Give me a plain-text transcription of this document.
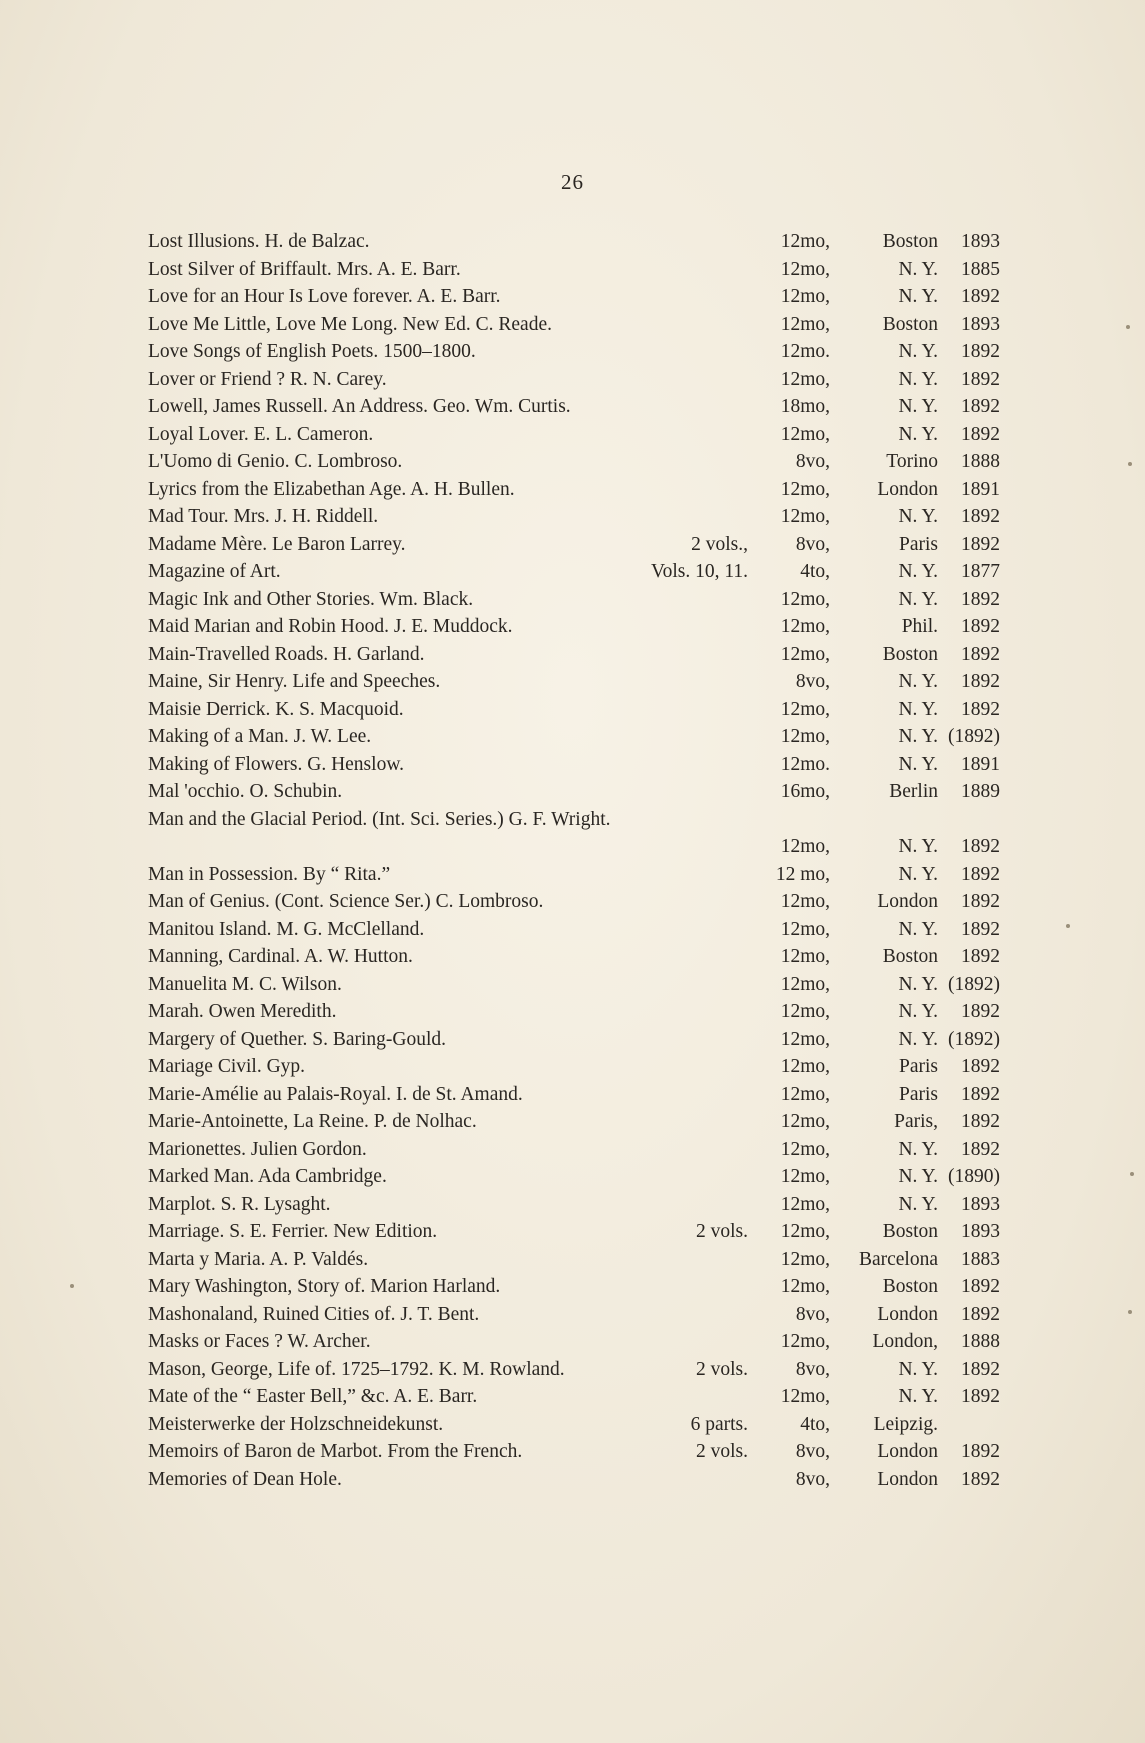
26
Lost Illusions. H. de Balzac.	12mo,	Boston	1893
Lost Silver of Briffault. Mrs. A. E. Barr.	12mo,	N. Y.	1885
Love for an Hour Is Love forever. A. E. Barr.	12mo,	N. Y.	1892
Love Me Little, Love Me Long. New Ed. C. Reade.	12mo,	Boston	1893
Love Songs of English Poets. 1500–1800.	12mo.	N. Y.	1892
Lover or Friend ? R. N. Carey.	12mo,	N. Y.	1892
Lowell, James Russell. An Address. Geo. Wm. Curtis.	18mo,	N. Y.	1892
Loyal Lover. E. L. Cameron.	12mo,	N. Y.	1892
L'Uomo di Genio. C. Lombroso.	8vo,	Torino	1888
Lyrics from the Elizabethan Age. A. H. Bullen.	12mo, London	1891
Mad Tour. Mrs. J. H. Riddell.	12mo,	N. Y.	1892
Madame Mère. Le Baron Larrey.	2 vols., 8vo,	Paris	1892
Magazine of Art.	Vols. 10, 11.	4to,	N. Y.	1877
Magic Ink and Other Stories. Wm. Black.	12mo,	N. Y.	1892
Maid Marian and Robin Hood. J. E. Muddock.	12mo,	Phil.	1892
Main-Travelled Roads. H. Garland.	12mo,	Boston	1892
Maine, Sir Henry. Life and Speeches.	8vo,	N. Y.	1892
Maisie Derrick. K. S. Macquoid.	12mo,	N. Y.	1892
Making of a Man. J. W. Lee.	12mo,	N. Y. (1892)
Making of Flowers. G. Henslow.	12mo.	N. Y.	1891
Mal 'occhio. O. Schubin.	16mo,	Berlin	1889
Man and the Glacial Period. (Int. Sci. Series.) G. F. Wright.
12mo,	N. Y.	1892
Man in Possession. By “ Rita.”	12 mo,	N. Y.	1892
Man of Genius. (Cont. Science Ser.) C. Lombroso.	12mo, London	1892
Manitou Island. M. G. McClelland.	12mo,	N. Y.	1892
Manning, Cardinal. A. W. Hutton.	12mo,	Boston	1892
Manuelita M. C. Wilson.	12mo,	N. Y. (1892)
Marah. Owen Meredith.	12mo,	N. Y.	1892
Margery of Quether. S. Baring-Gould.	12mo,	N. Y. (1892)
Mariage Civil. Gyp.	12mo,	Paris	1892
Marie-Amélie au Palais-Royal. I. de St. Amand.	12mo,	Paris	1892
Marie-Antoinette, La Reine. P. de Nolhac.	12mo,	Paris,	1892
Marionettes. Julien Gordon.	12mo,	N. Y.	1892
Marked Man. Ada Cambridge.	12mo,	N. Y. (1890)
Marplot. S. R. Lysaght.	12mo,	N. Y.	1893
Marriage. S. E. Ferrier. New Edition.	2 vols. 12mo,	Boston	1893
Marta y Maria. A. P. Valdés.	12mo, Barcelona	1883
Mary Washington, Story of. Marion Harland.	12mo,	Boston	1892
Mashonaland, Ruined Cities of. J. T. Bent.	8vo, London	1892
Masks or Faces ? W. Archer.	12mo, London,	1888
Mason, George, Life of. 1725–1792. K. M. Rowland.	2 vols. 8vo,	N. Y.	1892
Mate of the “ Easter Bell,” &c. A. E. Barr.	12mo,	N. Y.	1892
Meisterwerke der Holzschneidekunst.	6 parts.	4to, Leipzig.
Memoirs of Baron de Marbot. From the French.	2 vols. 8vo, London	1892
Memories of Dean Hole.	8vo, London	1892
